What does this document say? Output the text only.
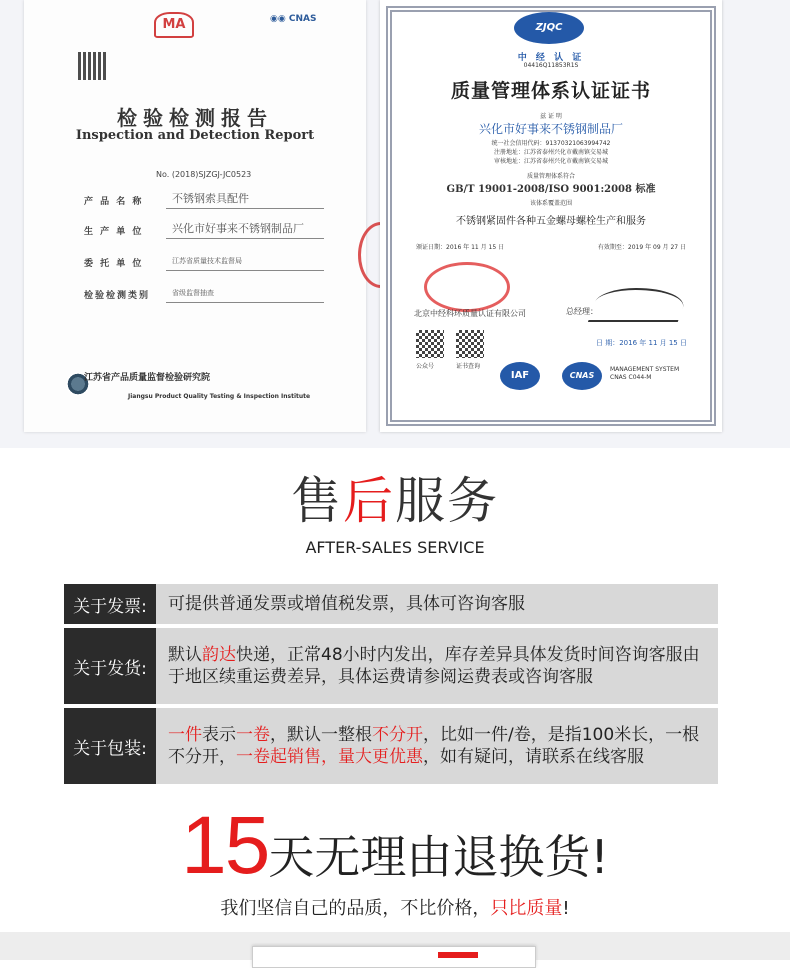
MA	◉◉ CNAS
检验检测报告
Inspection and Detection Report
No. (2018)SJZGJ-JC0523
产 品 名 称	不锈钢索具配件
生 产 单 位	兴化市好事来不锈钢制品厂
委 托 单 位	江苏省质量技术监督局
检验检测类别	省级监督抽查
江苏省产品质量监督检验研究院
Jiangsu Product Quality Testing & Inspection Institute
ZJQC
中 经 认 证
04416Q11853R1S
质量管理体系认证证书
兹 证 明
兴化市好事来不锈钢制品厂
统一社会信用代码：91370321063994742
注册地址：江苏省泰州兴化市戴南镇交易城
审核地址：江苏省泰州兴化市戴南镇交易城
质量管理体系符合
GB/T 19001-2008/ISO 9001:2008 标准
该体系覆盖范围
不锈钢紧固件各种五金螺母螺栓生产和服务
颁证日期：2016 年 11 月 15 日	有效期至：2019 年 09 月 27 日
北京中经科环质量认证有限公司	总经理：
公众号	证书查询
日 期：2016 年 11 月 15 日
IAF	CNAS
MANAGEMENT SYSTEM
CNAS C044-M
售后服务
AFTER-SALES SERVICE
关于发票:	可提供普通发票或增值税发票，具体可咨询客服
关于发货:
默认韵达快递，正常48小时内发出，库存差异具体发货时间咨询客服由于地区续重运费差异，具体运费请参阅运费表或咨询客服
关于包装:
一件表示一卷，默认一整根不分开，比如一件/卷，是指100米长，一根不分开，一卷起销售，量大更优惠，如有疑问，请联系在线客服
15天无理由退换货!
我们坚信自己的品质，不比价格，只比质量!
